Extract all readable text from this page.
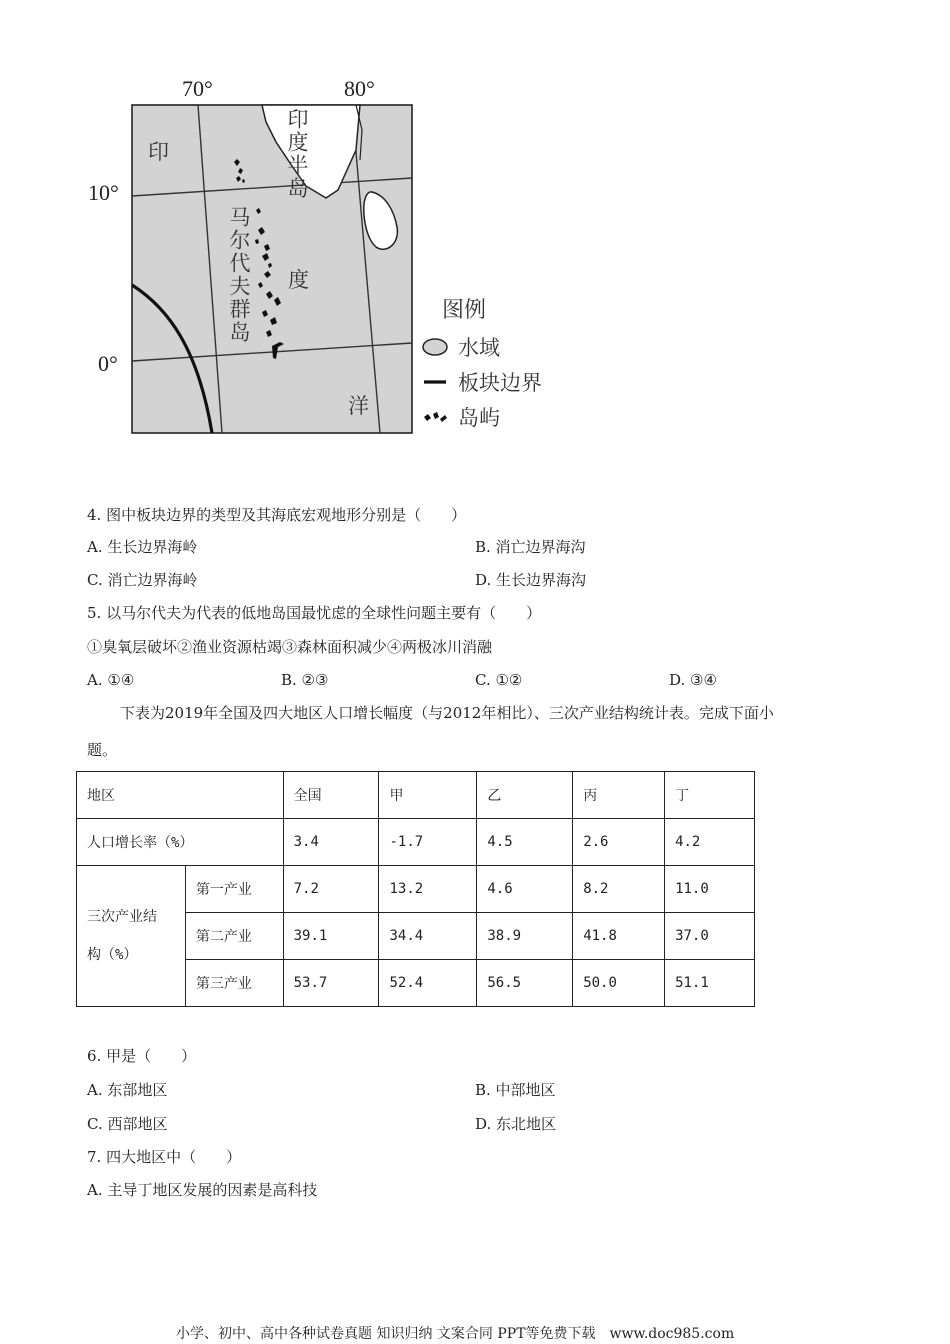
70°	80°
10°
0°
印度半岛
马尔代夫群岛
印
度
洋
图例
水域
板块边界
岛屿
4. 图中板块边界的类型及其海底宏观地形分别是（　　）
A. 生长边界海岭	B. 消亡边界海沟
C. 消亡边界海岭	D. 生长边界海沟
5. 以马尔代夫为代表的低地岛国最忧虑的全球性问题主要有（　　）
①臭氧层破坏②渔业资源枯竭③森林面积减少④两极冰川消融
A. ①④	B. ②③	C. ①②	D. ③④
下表为2019年全国及四大地区人口增长幅度（与2012年相比）、三次产业结构统计表。完成下面小
题。
地区		全国	甲	乙	丙	丁
人口增长率（%）		3.4	-1.7	4.5	2.6	4.2

三次产业结
构（%）	第一产业	7.2	13.2	4.6	8.2	11.0
	第二产业	39.1	34.4	38.9	41.8	37.0
	第三产业	53.7	52.4	56.5	50.0	51.1
6. 甲是（　　）
A. 东部地区	B. 中部地区
C. 西部地区	D. 东北地区
7. 四大地区中（　　）
A. 主导丁地区发展的因素是高科技
小学、初中、高中各种试卷真题 知识归纳 文案合同 PPT等免费下载　www.doc985.com
